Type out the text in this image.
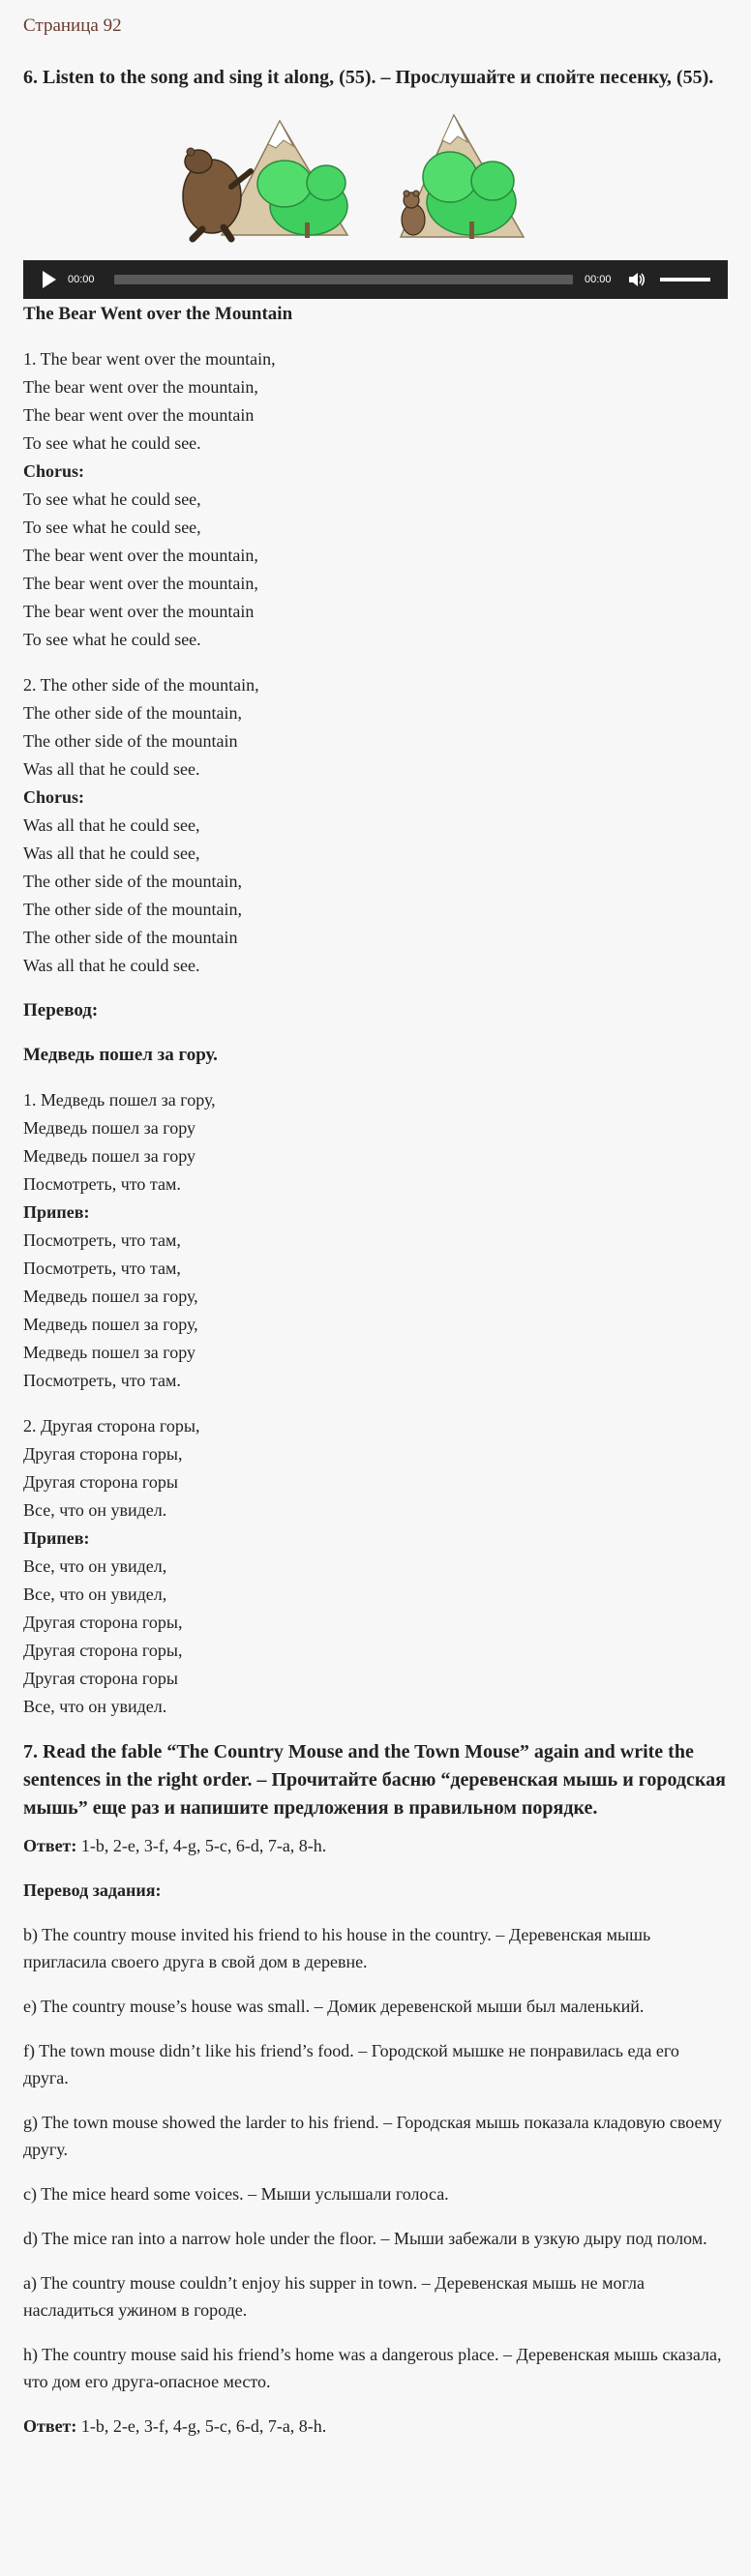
Страница 92
6. Listen to the song and sing it along, (55). – Прослушайте и спойте песенку, (55).
00:00	00:00
The Bear Went over the Mountain
1. The bear went over the mountain,
The bear went over the mountain,
The bear went over the mountain
To see what he could see.
Chorus:
To see what he could see,
To see what he could see,
The bear went over the mountain,
The bear went over the mountain,
The bear went over the mountain
To see what he could see.
2. The other side of the mountain,
The other side of the mountain,
The other side of the mountain
Was all that he could see.
Chorus:
Was all that he could see,
Was all that he could see,
The other side of the mountain,
The other side of the mountain,
The other side of the mountain
Was all that he could see.
Перевод:
Медведь пошел за гору.
1. Медведь пошел за гору,
Медведь пошел за гору
Медведь пошел за гору
Посмотреть, что там.
Припев:
Посмотреть, что там,
Посмотреть, что там,
Медведь пошел за гору,
Медведь пошел за гору,
Медведь пошел за гору
Посмотреть, что там.
2. Другая сторона горы,
Другая сторона горы,
Другая сторона горы
Все, что он увидел.
Припев:
Все, что он увидел,
Все, что он увидел,
Другая сторона горы,
Другая сторона горы,
Другая сторона горы
Все, что он увидел.
7. Read the fable “The Country Mouse and the Town Mouse” again and write the sentences in the right order. – Прочитайте басню “деревенская мышь и городская мышь” еще раз и напишите предложения в правильном порядке.

Ответ: 1-b, 2-e, 3-f, 4-g, 5-c, 6-d, 7-a, 8-h.

Перевод задания:

b) The country mouse invited his friend to his house in the country. – Деревенская мышь пригласила своего друга в свой дом в деревне.

e) The country mouse’s house was small. – Домик деревенской мыши был маленький.

f) The town mouse didn’t like his friend’s food. – Городской мышке не понравилась еда его друга.

g) The town mouse showed the larder to his friend. – Городская мышь показала кладовую своему другу.

c) The mice heard some voices. – Мыши услышали голоса.

d) The mice ran into a narrow hole under the floor. – Мыши забежали в узкую дыру под полом.

a) The country mouse couldn’t enjoy his supper in town. – Деревенская мышь не могла насладиться ужином в городе.

h) The country mouse said his friend’s home was a dangerous place. – Деревенская мышь сказала, что дом его друга-опасное место.

Ответ: 1-b, 2-e, 3-f, 4-g, 5-c, 6-d, 7-a, 8-h.
